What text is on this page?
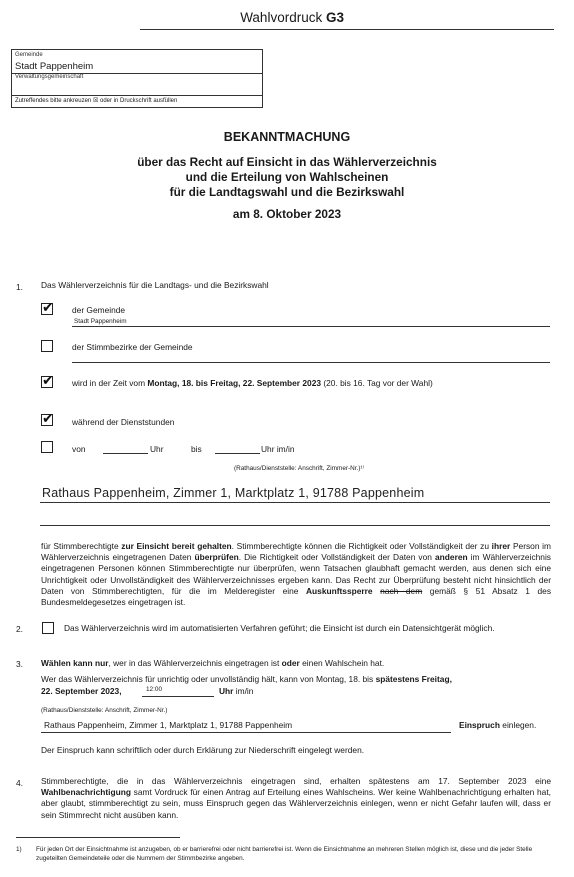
Wahlvordruck G3
Gemeinde
Stadt Pappenheim
Verwaltungsgemeinschaft
Zutreffendes bitte ankreuzen ☒ oder in Druckschrift ausfüllen
BEKANNTMACHUNG
über das Recht auf Einsicht in das Wählerverzeichnis
und die Erteilung von Wahlscheinen
für die Landtagswahl und die Bezirkswahl
am 8. Oktober 2023
1. Das Wählerverzeichnis für die Landtags- und die Bezirkswahl
✔
der Gemeinde
Stadt Pappenheim
der Stimmbezirke der Gemeinde
✔
wird in der Zeit vom Montag, 18. bis Freitag, 22. September 2023 (20. bis 16. Tag vor der Wahl)
✔
während der Dienststunden
von	Uhr	bis	Uhr im/in
(Rathaus/Dienststelle: Anschrift, Zimmer-Nr.)¹⁾
Rathaus Pappenheim, Zimmer 1, Marktplatz 1, 91788 Pappenheim
für Stimmberechtigte zur Einsicht bereit gehalten. Stimmberechtigte können die Richtigkeit oder Vollständigkeit der zu ihrer Person im Wählerverzeichnis eingetragenen Daten überprüfen. Die Richtigkeit oder Vollständigkeit der Daten von anderen im Wählerverzeichnis eingetragenen Personen können Stimmberechtigte nur überprüfen, wenn Tatsachen glaubhaft gemacht werden, aus denen sich eine Unrichtigkeit oder Unvollständigkeit des Wählerverzeichnisses ergeben kann. Das Recht zur Überprüfung besteht nicht hinsichtlich der Daten von Stimmberechtigten, für die im Melderegister eine Auskunftssperre nach dem gemäß § 51 Absatz 1 des Bundesmeldegesetzes eingetragen ist.
2.	Das Wählerverzeichnis wird im automatisierten Verfahren geführt; die Einsicht ist durch ein Datensichtgerät möglich.
3. Wählen kann nur, wer in das Wählerverzeichnis eingetragen ist oder einen Wahlschein hat.
Wer das Wählerverzeichnis für unrichtig oder unvollständig hält, kann von Montag, 18. bis spätestens Freitag,
22. September 2023,	12:00	Uhr im/in
(Rathaus/Dienststelle: Anschrift, Zimmer-Nr.)
Rathaus Pappenheim, Zimmer 1, Marktplatz 1, 91788 Pappenheim	Einspruch einlegen.
Der Einspruch kann schriftlich oder durch Erklärung zur Niederschrift eingelegt werden.
4. Stimmberechtigte, die in das Wählerverzeichnis eingetragen sind, erhalten spätestens am 17. September 2023 eine Wahlbenachrichtigung samt Vordruck für einen Antrag auf Erteilung eines Wahlscheins. Wer keine Wahlbenachrichtigung erhalten hat, aber glaubt, stimmberechtigt zu sein, muss Einspruch gegen das Wählerverzeichnis einlegen, wenn er nicht Gefahr laufen will, dass er sein Stimmrecht nicht ausüben kann.
1) Für jeden Ort der Einsichtnahme ist anzugeben, ob er barrierefrei oder nicht barrierefrei ist. Wenn die Einsichtnahme an mehreren Stellen möglich ist, diese und die jeder Stelle zugeteilten Gemeindeteile oder die Nummern der Stimmbezirke angeben.
